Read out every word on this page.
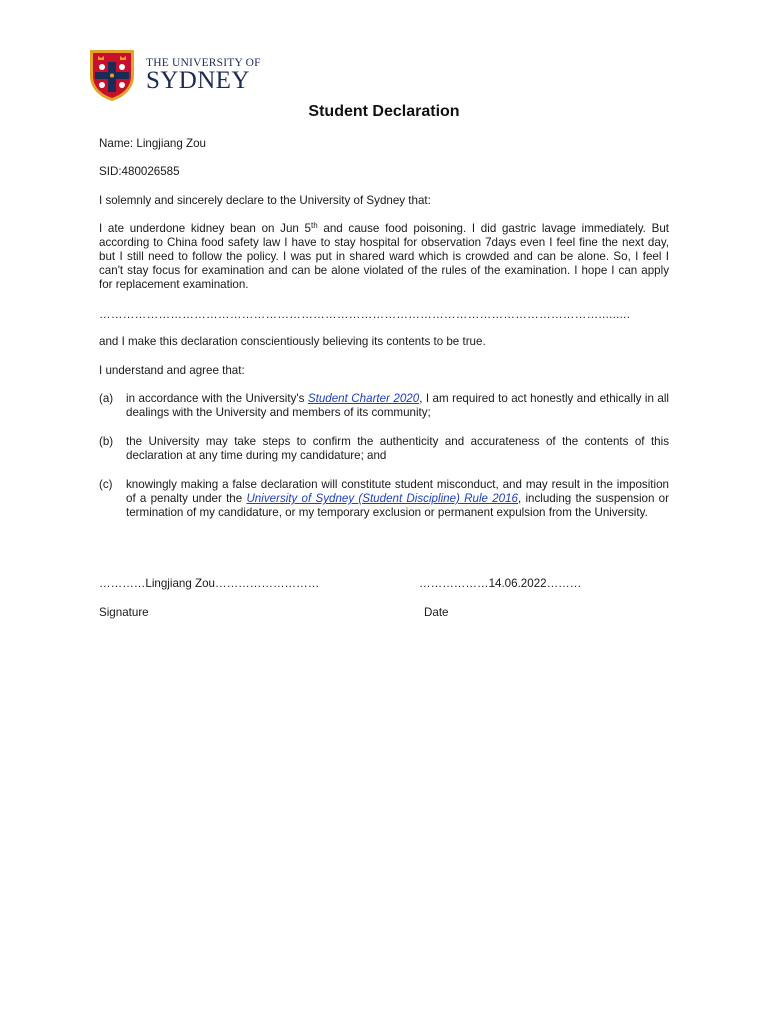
THE UNIVERSITY OF
SYDNEY
Student Declaration
Name: Lingjiang Zou
SID:480026585
I solemnly and sincerely declare to the University of Sydney that:
I ate underdone kidney bean on Jun 5th and cause food poisoning. I did gastric lavage immediately. But according to China food safety law I have to stay hospital for observation 7days even I feel fine the next day, but I still need to follow the policy. I was put in shared ward which is crowded and can be alone. So, I feel I can't stay focus for examination and can be alone violated of the rules of the examination. I hope I can apply for replacement examination.
……………………………………………………………………………………………………………….........
and I make this declaration conscientiously believing its contents to be true.
I understand and agree that:
(a)	in accordance with the University's Student Charter 2020, I am required to act honestly and ethically in all dealings with the University and members of its community;
(b)	the University may take steps to confirm the authenticity and accurateness of the contents of this declaration at any time during my candidature; and
(c)	knowingly making a false declaration will constitute student misconduct, and may result in the imposition of a penalty under the University of Sydney (Student Discipline) Rule 2016, including the suspension or termination of my candidature, or my temporary exclusion or permanent expulsion from the University.
…………Lingjiang Zou………………………	………………14.06.2022………
Signature	Date
